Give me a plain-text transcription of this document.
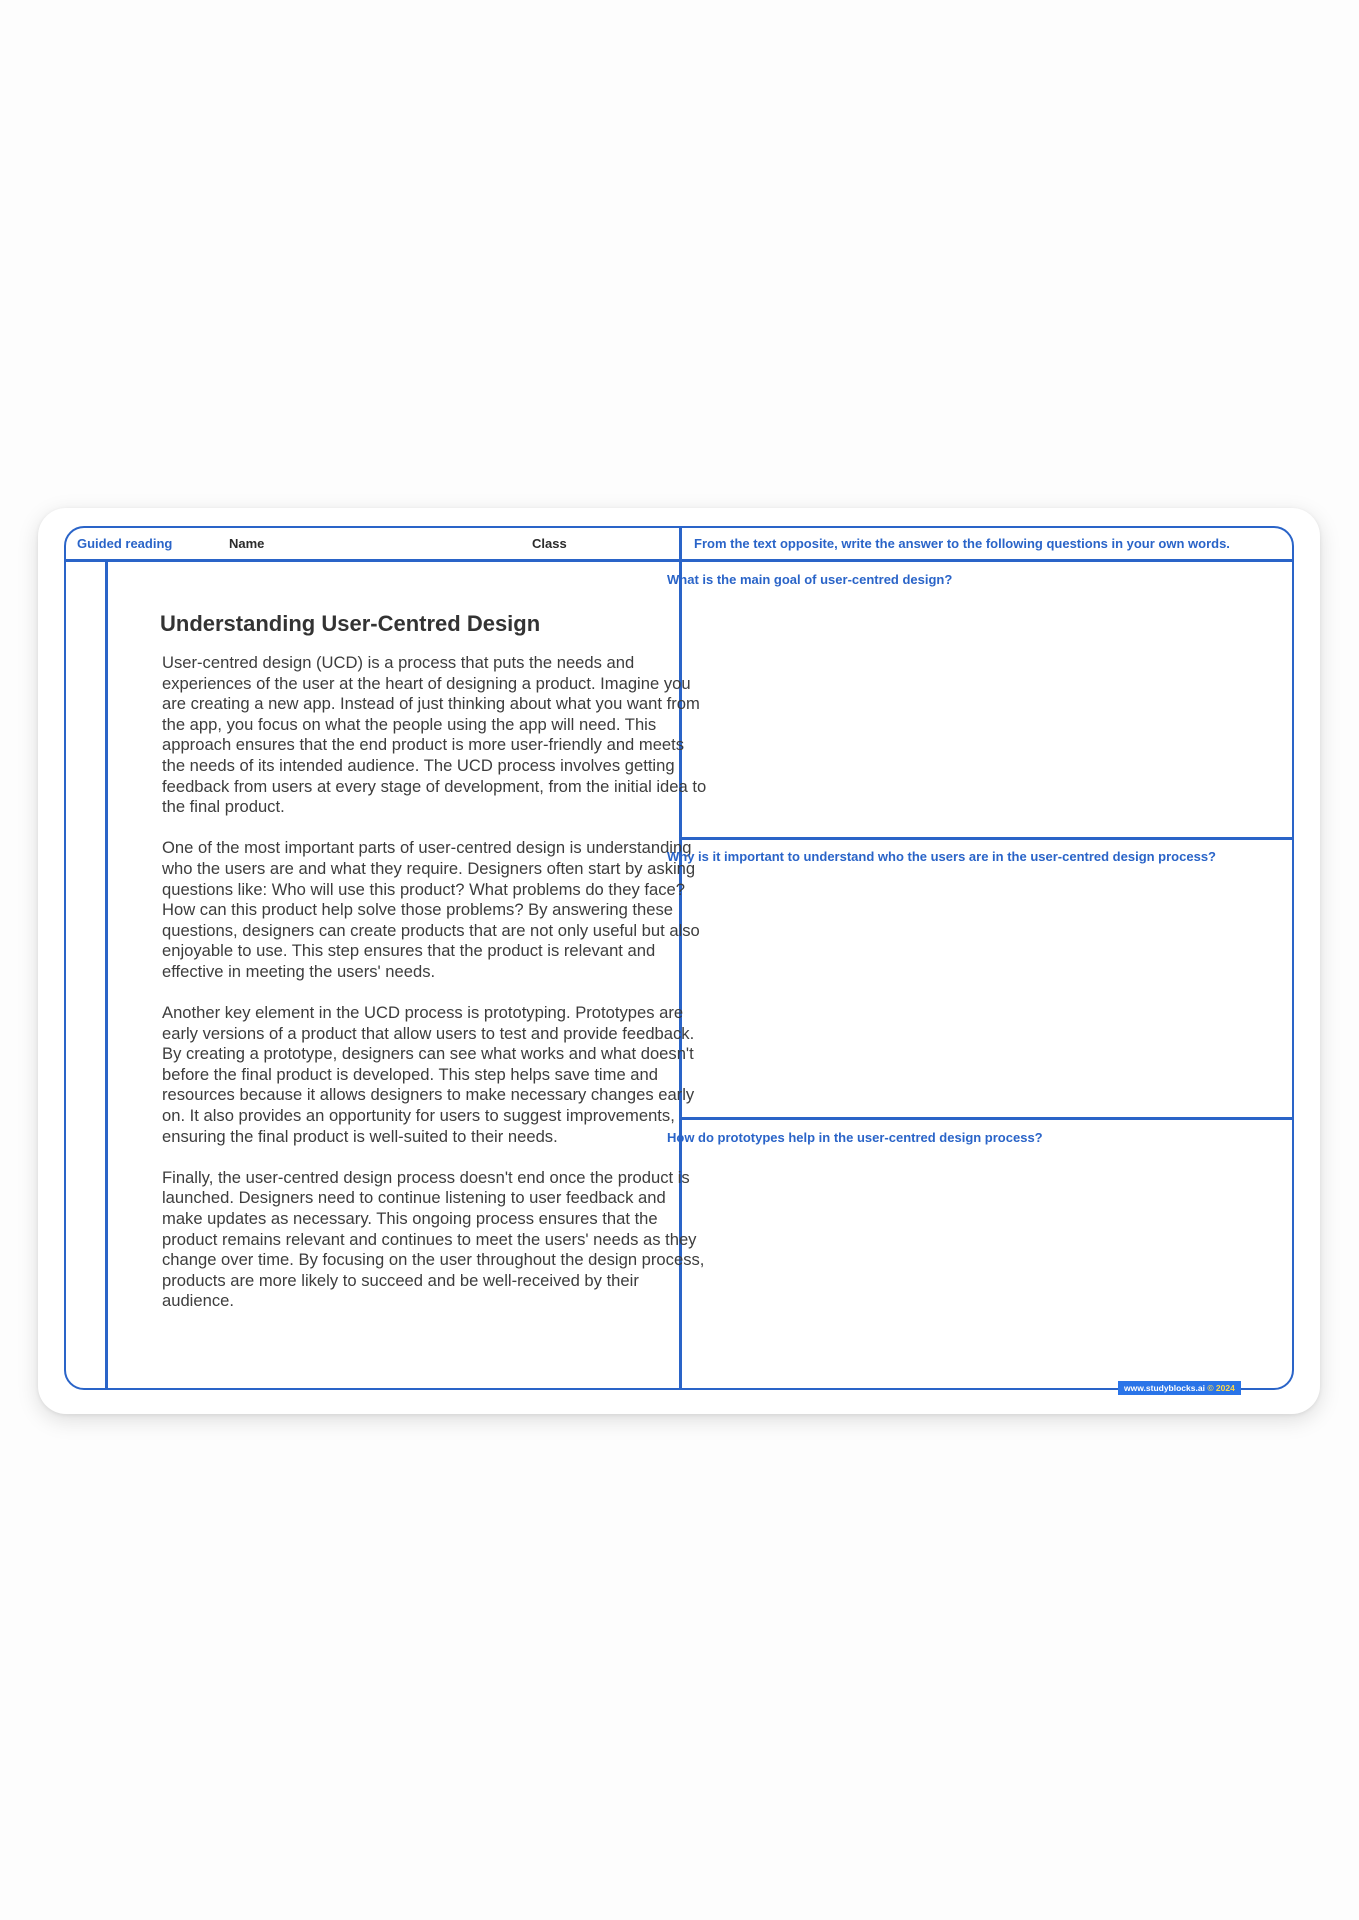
Guided reading	Name	Class	From the text opposite, write the answer to the following questions in your own words.
Understanding User-Centred Design

User-centred design (UCD) is a process that puts the needs and experiences of the user at the heart of designing a product. Imagine you are creating a new app. Instead of just thinking about what you want from the app, you focus on what the people using the app will need. This approach ensures that the end product is more user-friendly and meets the needs of its intended audience. The UCD process involves getting feedback from users at every stage of development, from the initial idea to the final product.

One of the most important parts of user-centred design is understanding who the users are and what they require. Designers often start by asking questions like: Who will use this product? What problems do they face? How can this product help solve those problems? By answering these questions, designers can create products that are not only useful but also enjoyable to use. This step ensures that the product is relevant and effective in meeting the users' needs.

Another key element in the UCD process is prototyping. Prototypes are early versions of a product that allow users to test and provide feedback. By creating a prototype, designers can see what works and what doesn't before the final product is developed. This step helps save time and resources because it allows designers to make necessary changes early on. It also provides an opportunity for users to suggest improvements, ensuring the final product is well-suited to their needs.

Finally, the user-centred design process doesn't end once the product is launched. Designers need to continue listening to user feedback and make updates as necessary. This ongoing process ensures that the product remains relevant and continues to meet the users' needs as they change over time. By focusing on the user throughout the design process, products are more likely to succeed and be well-received by their audience.

What is the main goal of user-centred design?
Why is it important to understand who the users are in the user-centred design process?
How do prototypes help in the user-centred design process?
www.studyblocks.ai © 2024
